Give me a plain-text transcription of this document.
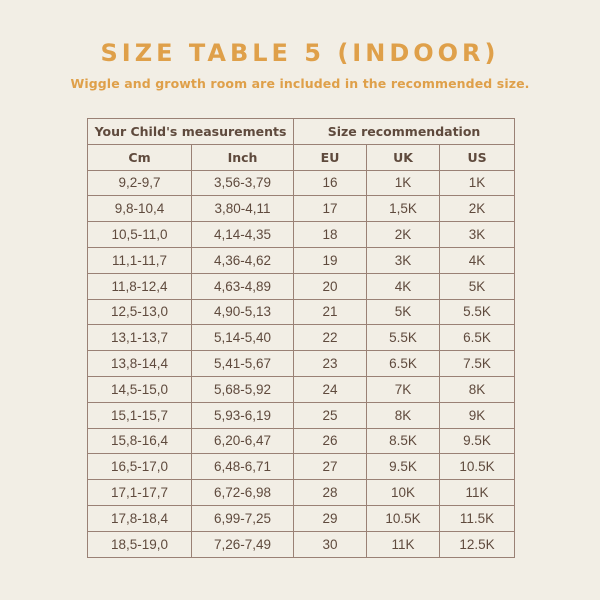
SIZE TABLE 5 (INDOOR)
Wiggle and growth room are included in the recommended size.
Your Child's measurements		Size recommendation		
Cm	Inch	EU	UK	US
9,2-9,7	3,56-3,79	16	1K	1K
9,8-10,4	3,80-4,11	17	1,5K	2K
10,5-11,0	4,14-4,35	18	2K	3K
11,1-11,7	4,36-4,62	19	3K	4K
11,8-12,4	4,63-4,89	20	4K	5K
12,5-13,0	4,90-5,13	21	5K	5.5K
13,1-13,7	5,14-5,40	22	5.5K	6.5K
13,8-14,4	5,41-5,67	23	6.5K	7.5K
14,5-15,0	5,68-5,92	24	7K	8K
15,1-15,7	5,93-6,19	25	8K	9K
15,8-16,4	6,20-6,47	26	8.5K	9.5K
16,5-17,0	6,48-6,71	27	9.5K	10.5K
17,1-17,7	6,72-6,98	28	10K	11K
17,8-18,4	6,99-7,25	29	10.5K	11.5K
18,5-19,0	7,26-7,49	30	11K	12.5K
